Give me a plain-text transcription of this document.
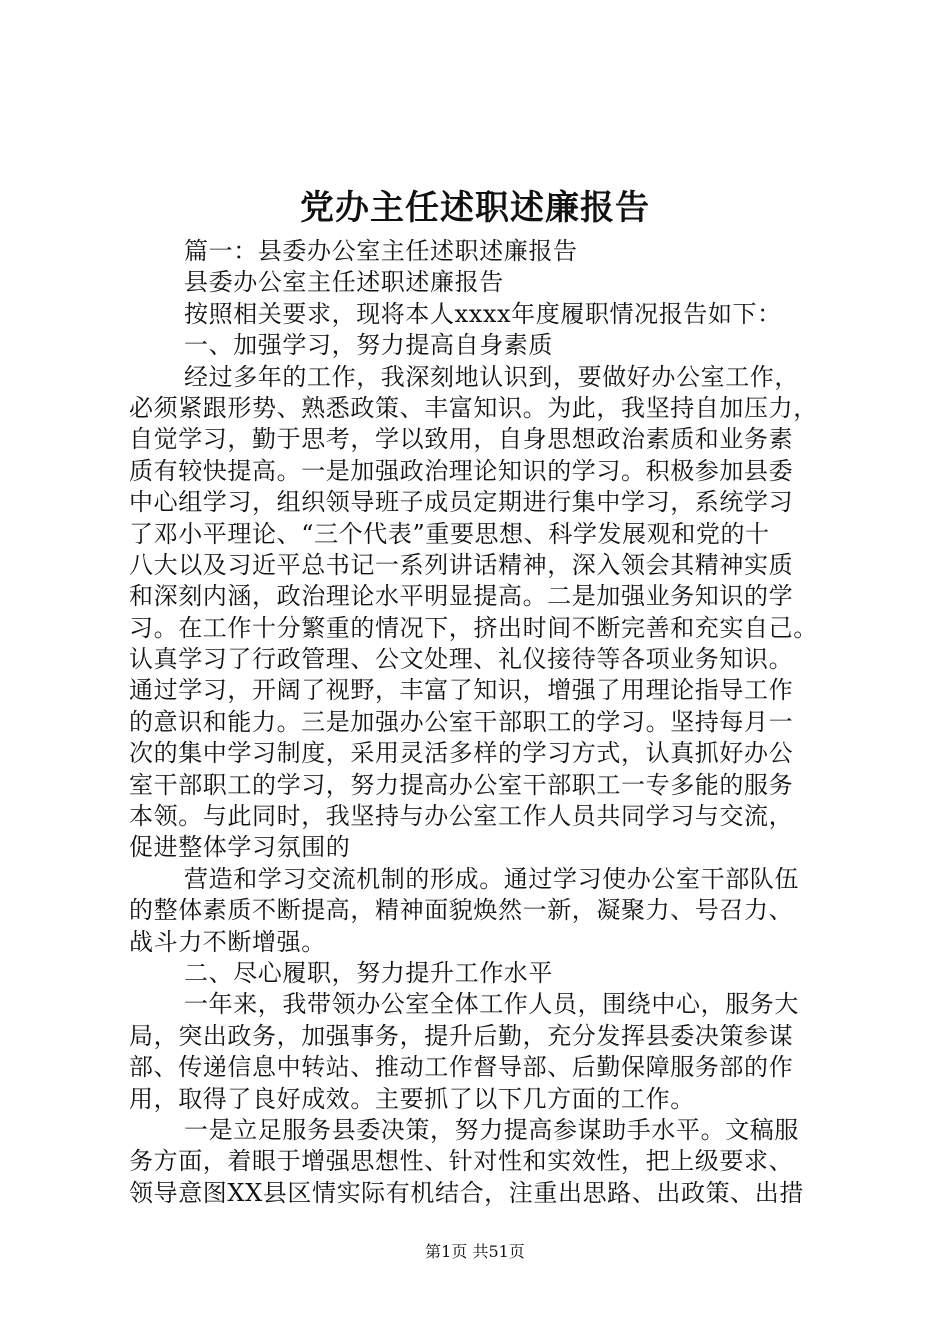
党办主任述职述廉报告
篇一：县委办公室主任述职述廉报告
县委办公室主任述职述廉报告
按照相关要求，现将本人xxxx年度履职情况报告如下：
一、加强学习，努力提高自身素质
经过多年的工作，我深刻地认识到，要做好办公室工作，
必须紧跟形势、熟悉政策、丰富知识。为此，我坚持自加压力，
自觉学习，勤于思考，学以致用，自身思想政治素质和业务素
质有较快提高。一是加强政治理论知识的学习。积极参加县委
中心组学习，组织领导班子成员定期进行集中学习，系统学习
了邓小平理论、“三个代表”重要思想、科学发展观和党的十
八大以及习近平总书记一系列讲话精神，深入领会其精神实质
和深刻内涵，政治理论水平明显提高。二是加强业务知识的学
习。在工作十分繁重的情况下，挤出时间不断完善和充实自己。
认真学习了行政管理、公文处理、礼仪接待等各项业务知识。
通过学习，开阔了视野，丰富了知识，增强了用理论指导工作
的意识和能力。三是加强办公室干部职工的学习。坚持每月一
次的集中学习制度，采用灵活多样的学习方式，认真抓好办公
室干部职工的学习，努力提高办公室干部职工一专多能的服务
本领。与此同时，我坚持与办公室工作人员共同学习与交流，
促进整体学习氛围的
营造和学习交流机制的形成。通过学习使办公室干部队伍
的整体素质不断提高，精神面貌焕然一新，凝聚力、号召力、
战斗力不断增强。
二、尽心履职，努力提升工作水平
一年来，我带领办公室全体工作人员，围绕中心，服务大
局，突出政务，加强事务，提升后勤，充分发挥县委决策参谋
部、传递信息中转站、推动工作督导部、后勤保障服务部的作
用，取得了良好成效。主要抓了以下几方面的工作。
一是立足服务县委决策，努力提高参谋助手水平。文稿服
务方面，着眼于增强思想性、针对性和实效性，把上级要求、
领导意图XX县区情实际有机结合，注重出思路、出政策、出措
第1页 共51页
